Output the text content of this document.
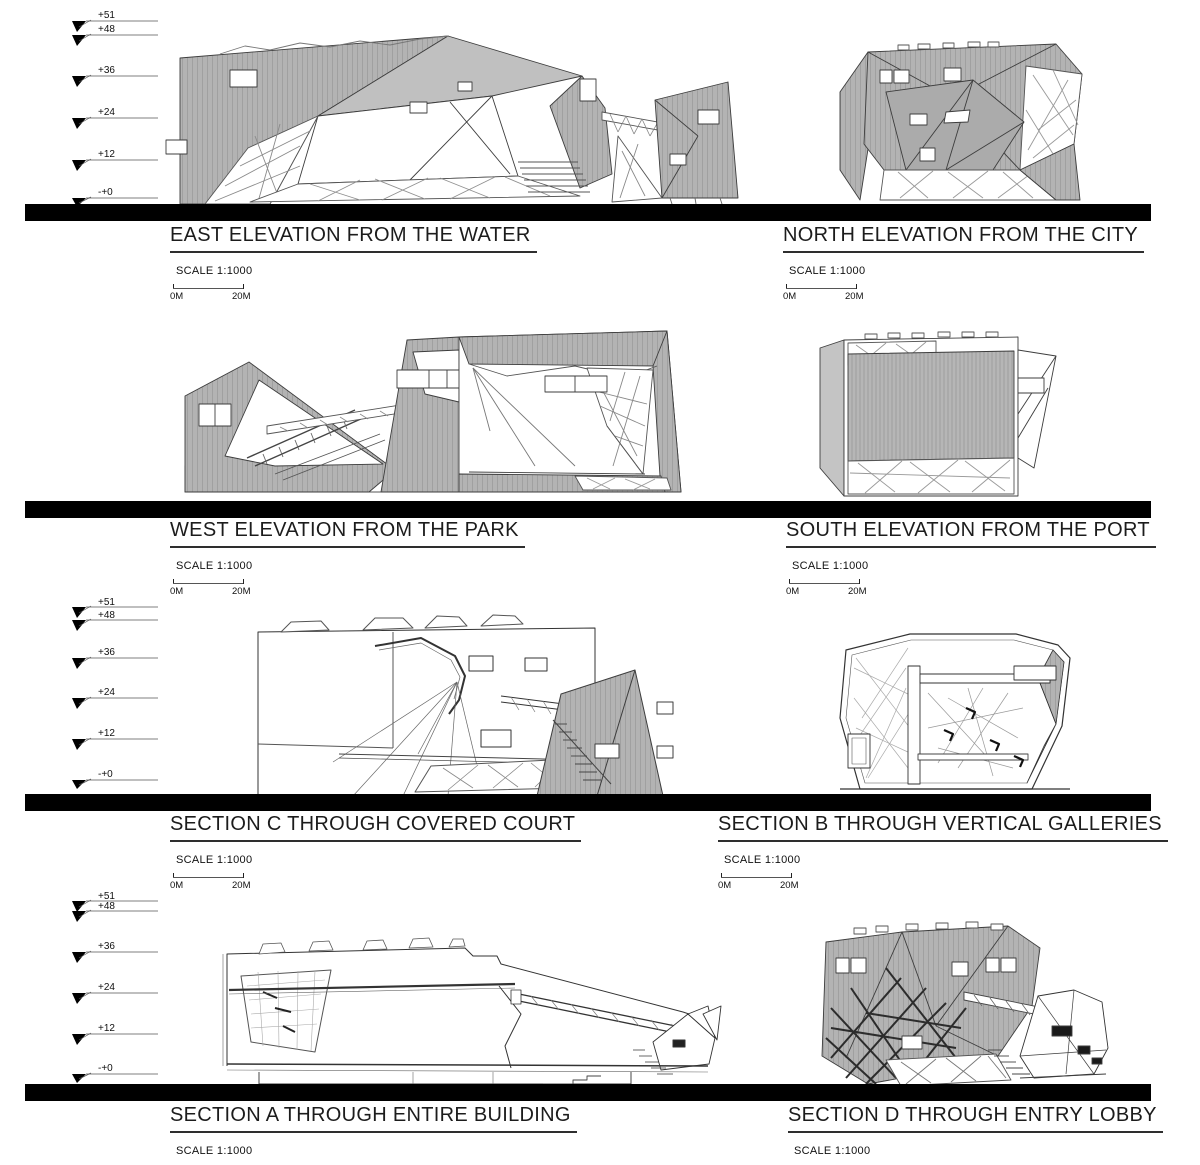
+51
+48
+36
+24
+12
-+0
+51
+48
+36
+24
+12
-+0
+51
+48
+36
+24
+12
-+0
EAST ELEVATION FROM THE WATER
SCALE 1:1000
0M	20M
NORTH ELEVATION FROM THE CITY
SCALE 1:1000
0M	20M
WEST ELEVATION FROM THE PARK
SCALE 1:1000
0M	20M
SOUTH ELEVATION FROM THE PORT
SCALE 1:1000
0M	20M
SECTION C THROUGH COVERED COURT
SCALE 1:1000
0M	20M
SECTION B THROUGH VERTICAL GALLERIES
SCALE 1:1000
0M	20M
SECTION A THROUGH ENTIRE BUILDING
SCALE 1:1000
SECTION D THROUGH ENTRY LOBBY
SCALE 1:1000
